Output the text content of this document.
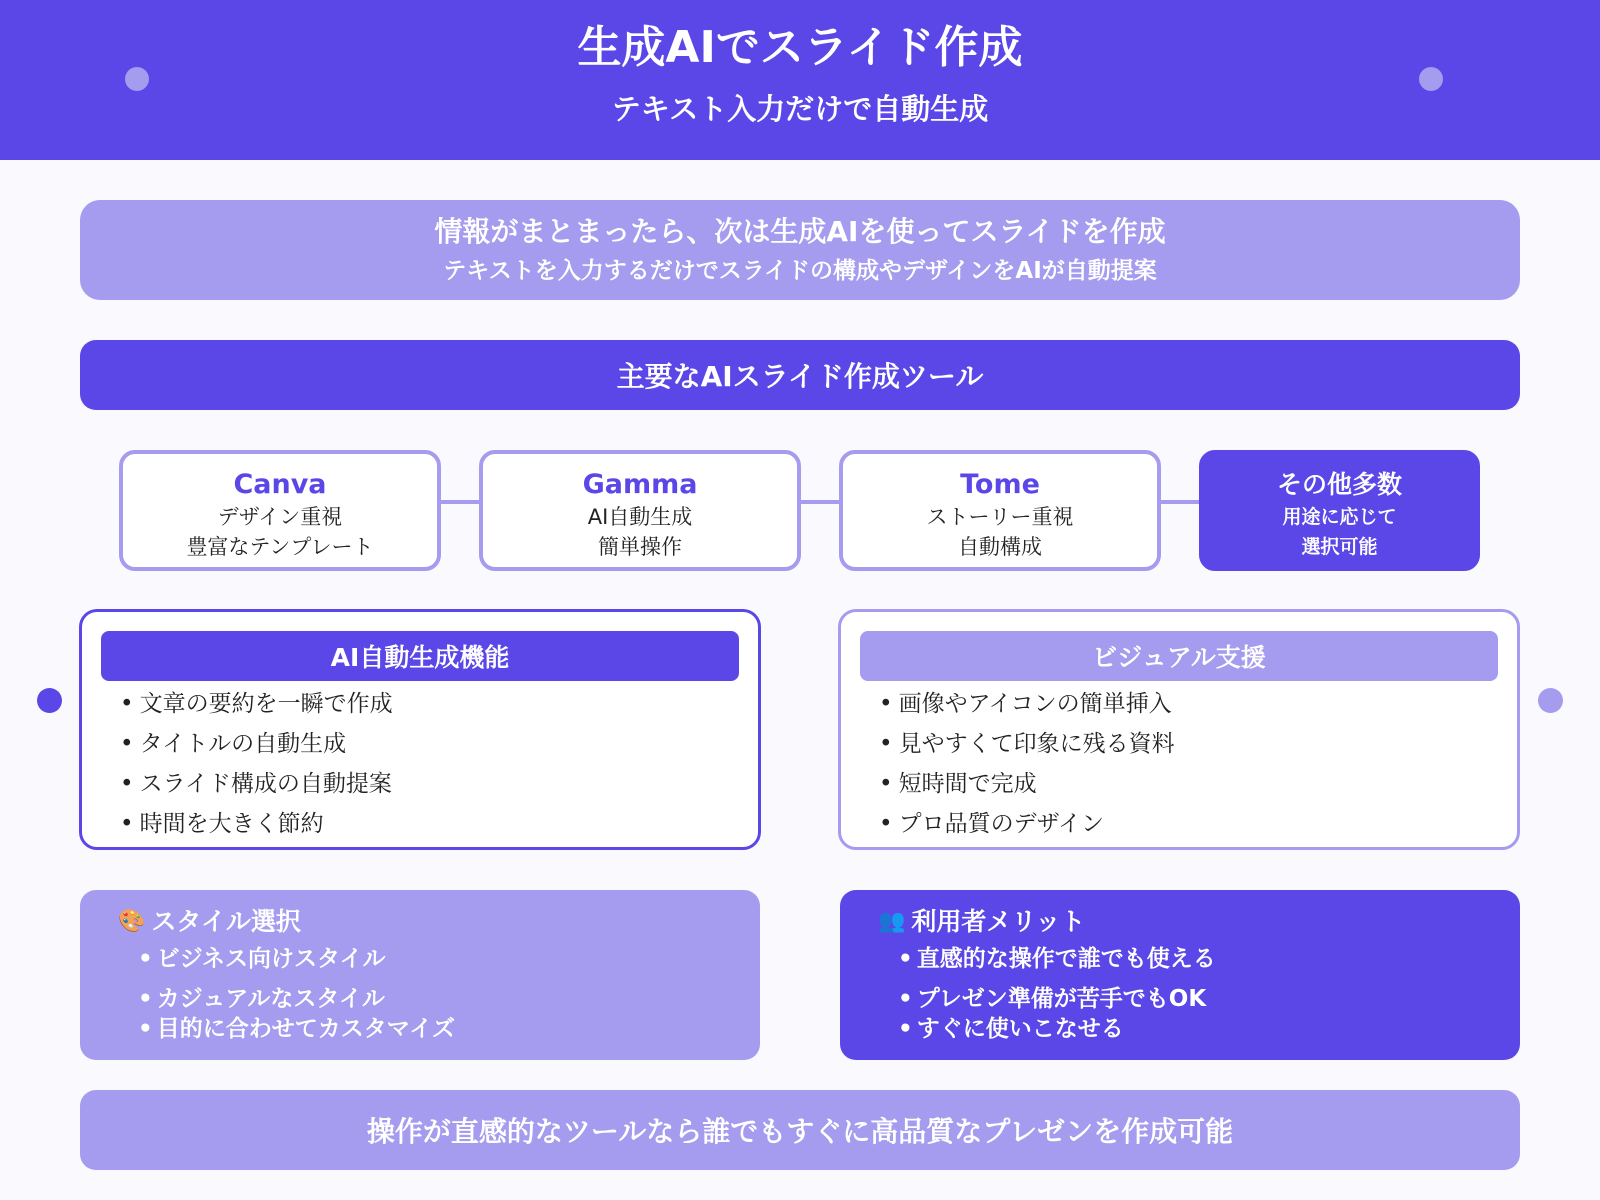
生成AIでスライド作成
テキスト入力だけで自動生成
情報がまとまったら、次は生成AIを使ってスライドを作成
テキストを入力するだけでスライドの構成やデザインをAIが自動提案
主要なAIスライド作成ツール
Canva
デザイン重視
豊富なテンプレート
Gamma
AI自動生成
簡単操作
Tome
ストーリー重視
自動構成
その他多数
用途に応じて
選択可能
AI自動生成機能
• 文章の要約を一瞬で作成
• タイトルの自動生成
• スライド構成の自動提案
• 時間を大きく節約
ビジュアル支援
• 画像やアイコンの簡単挿入
• 見やすくて印象に残る資料
• 短時間で完成
• プロ品質のデザイン
🎨 スタイル選択
• ビジネス向けスタイル
• カジュアルなスタイル
• 目的に合わせてカスタマイズ
👥 利用者メリット
• 直感的な操作で誰でも使える
• プレゼン準備が苦手でもOK
• すぐに使いこなせる
操作が直感的なツールなら誰でもすぐに高品質なプレゼンを作成可能
